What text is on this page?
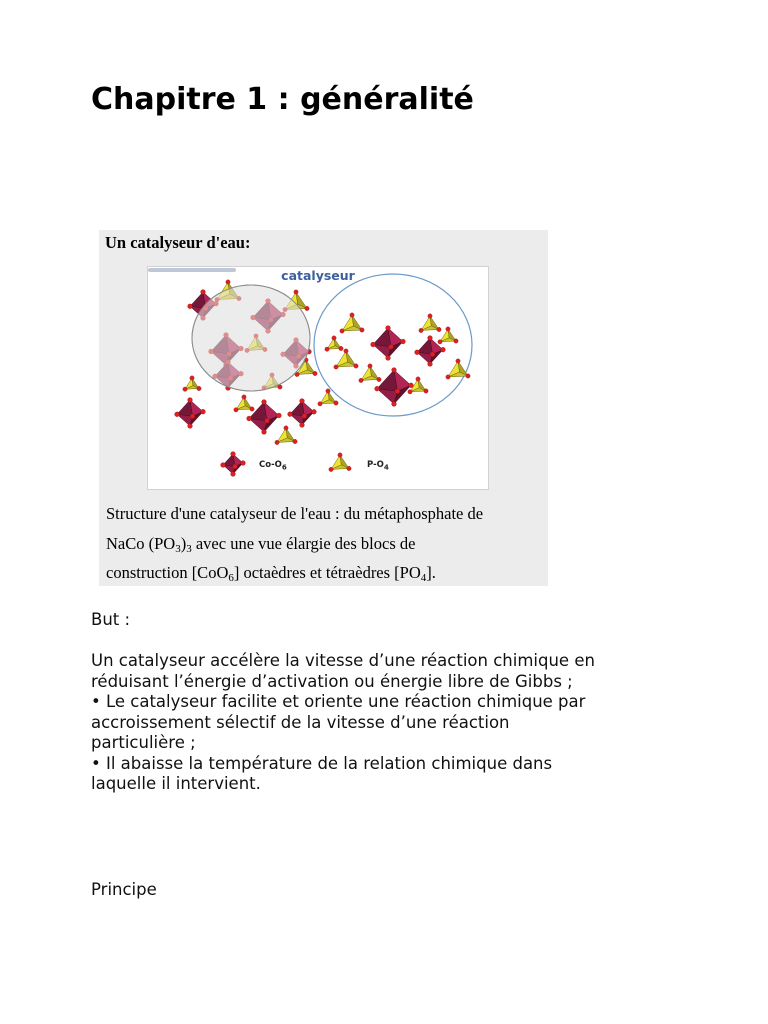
Chapitre 1 : généralité
Un catalyseur d'eau:
catalyseur
$Co-O_6$	$P-O_4$

Structure d'une catalyseur de l'eau : du métaphosphate de

NaCo $(PO_3)_3$ avec une vue élargie des blocs de

construction [CoO$_6$] octaèdres et tétraèdres $[PO_4]$.

But :

Un catalyseur accélère la vitesse d’une réaction chimique en
réduisant l’énergie d’activation ou énergie libre de Gibbs ;
• Le catalyseur facilite et oriente une réaction chimique par
accroissement sélectif de la vitesse d’une réaction
particulière ;
• Il abaisse la température de la relation chimique dans
laquelle il intervient.

Principe
